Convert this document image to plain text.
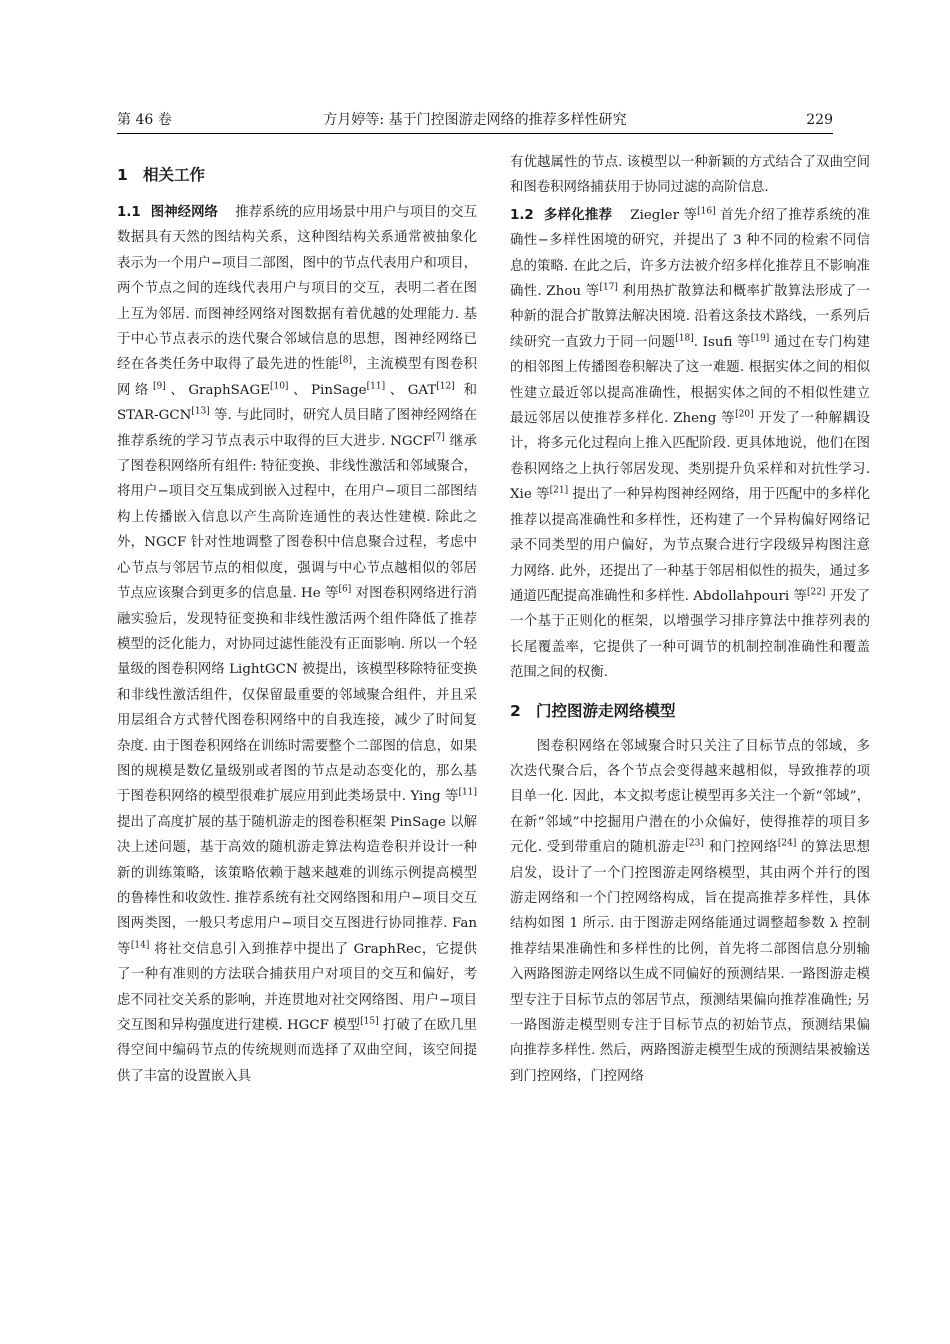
第 46 卷	方月婷等: 基于门控图游走网络的推荐多样性研究	229
1 相关工作

1.1 图神经网络 推荐系统的应用场景中用户与项目的交互数据具有天然的图结构关系，这种图结构关系通常被抽象化表示为一个用户−项目二部图，图中的节点代表用户和项目，两个节点之间的连线代表用户与项目的交互，表明二者在图上互为邻居. 而图神经网络对图数据有着优越的处理能力. 基于中心节点表示的迭代聚合邻域信息的思想，图神经网络已经在各类任务中取得了最先进的性能[8]，主流模型有图卷积网络[9]、GraphSAGE[10]、PinSage[11]、GAT[12] 和 STAR-GCN[13] 等. 与此同时，研究人员目睹了图神经网络在推荐系统的学习节点表示中取得的巨大进步. NGCF[7] 继承了图卷积网络所有组件: 特征变换、非线性激活和邻域聚合，将用户−项目交互集成到嵌入过程中，在用户−项目二部图结构上传播嵌入信息以产生高阶连通性的表达性建模. 除此之外，NGCF 针对性地调整了图卷积中信息聚合过程，考虑中心节点与邻居节点的相似度，强调与中心节点越相似的邻居节点应该聚合到更多的信息量. He 等[6] 对图卷积网络进行消融实验后，发现特征变换和非线性激活两个组件降低了推荐模型的泛化能力，对协同过滤性能没有正面影响. 所以一个轻量级的图卷积网络 LightGCN 被提出，该模型移除特征变换和非线性激活组件，仅保留最重要的邻域聚合组件，并且采用层组合方式替代图卷积网络中的自我连接，减少了时间复杂度. 由于图卷积网络在训练时需要整个二部图的信息，如果图的规模是数亿量级别或者图的节点是动态变化的，那么基于图卷积网络的模型很难扩展应用到此类场景中. Ying 等[11] 提出了高度扩展的基于随机游走的图卷积框架 PinSage 以解决上述问题，基于高效的随机游走算法构造卷积并设计一种新的训练策略，该策略依赖于越来越难的训练示例提高模型的鲁棒性和收敛性. 推荐系统有社交网络图和用户−项目交互图两类图，一般只考虑用户−项目交互图进行协同推荐. Fan 等[14] 将社交信息引入到推荐中提出了 GraphRec，它提供了一种有准则的方法联合捕获用户对项目的交互和偏好，考虑不同社交关系的影响，并连贯地对社交网络图、用户−项目交互图和异构强度进行建模. HGCF 模型[15] 打破了在欧几里得空间中编码节点的传统规则而选择了双曲空间，该空间提供了丰富的设置嵌入具

有优越属性的节点. 该模型以一种新颖的方式结合了双曲空间和图卷积网络捕获用于协同过滤的高阶信息.

1.2 多样化推荐 Ziegler 等[16] 首先介绍了推荐系统的准确性−多样性困境的研究，并提出了 3 种不同的检索不同信息的策略. 在此之后，许多方法被介绍多样化推荐且不影响准确性. Zhou 等[17] 利用热扩散算法和概率扩散算法形成了一种新的混合扩散算法解决困境. 沿着这条技术路线，一系列后续研究一直致力于同一问题[18]. Isufi 等[19] 通过在专门构建的相邻图上传播图卷积解决了这一难题. 根据实体之间的相似性建立最近邻以提高准确性，根据实体之间的不相似性建立最远邻居以使推荐多样化. Zheng 等[20] 开发了一种解耦设计，将多元化过程向上推入匹配阶段. 更具体地说，他们在图卷积网络之上执行邻居发现、类别提升负采样和对抗性学习. Xie 等[21] 提出了一种异构图神经网络，用于匹配中的多样化推荐以提高准确性和多样性，还构建了一个异构偏好网络记录不同类型的用户偏好，为节点聚合进行字段级异构图注意力网络. 此外，还提出了一种基于邻居相似性的损失，通过多通道匹配提高准确性和多样性. Abdollahpouri 等[22] 开发了一个基于正则化的框架，以增强学习排序算法中推荐列表的长尾覆盖率，它提供了一种可调节的机制控制准确性和覆盖范围之间的权衡.

2 门控图游走网络模型

图卷积网络在邻域聚合时只关注了目标节点的邻域，多次迭代聚合后，各个节点会变得越来越相似，导致推荐的项目单一化. 因此，本文拟考虑让模型再多关注一个新“邻域”，在新“邻域”中挖掘用户潜在的小众偏好，使得推荐的项目多元化. 受到带重启的随机游走[23] 和门控网络[24] 的算法思想启发，设计了一个门控图游走网络模型，其由两个并行的图游走网络和一个门控网络构成，旨在提高推荐多样性，具体结构如图 1 所示. 由于图游走网络能通过调整超参数 λ 控制推荐结果准确性和多样性的比例，首先将二部图信息分别输入两路图游走网络以生成不同偏好的预测结果. 一路图游走模型专注于目标节点的邻居节点，预测结果偏向推荐准确性; 另一路图游走模型则专注于目标节点的初始节点，预测结果偏向推荐多样性. 然后，两路图游走模型生成的预测结果被输送到门控网络，门控网络
